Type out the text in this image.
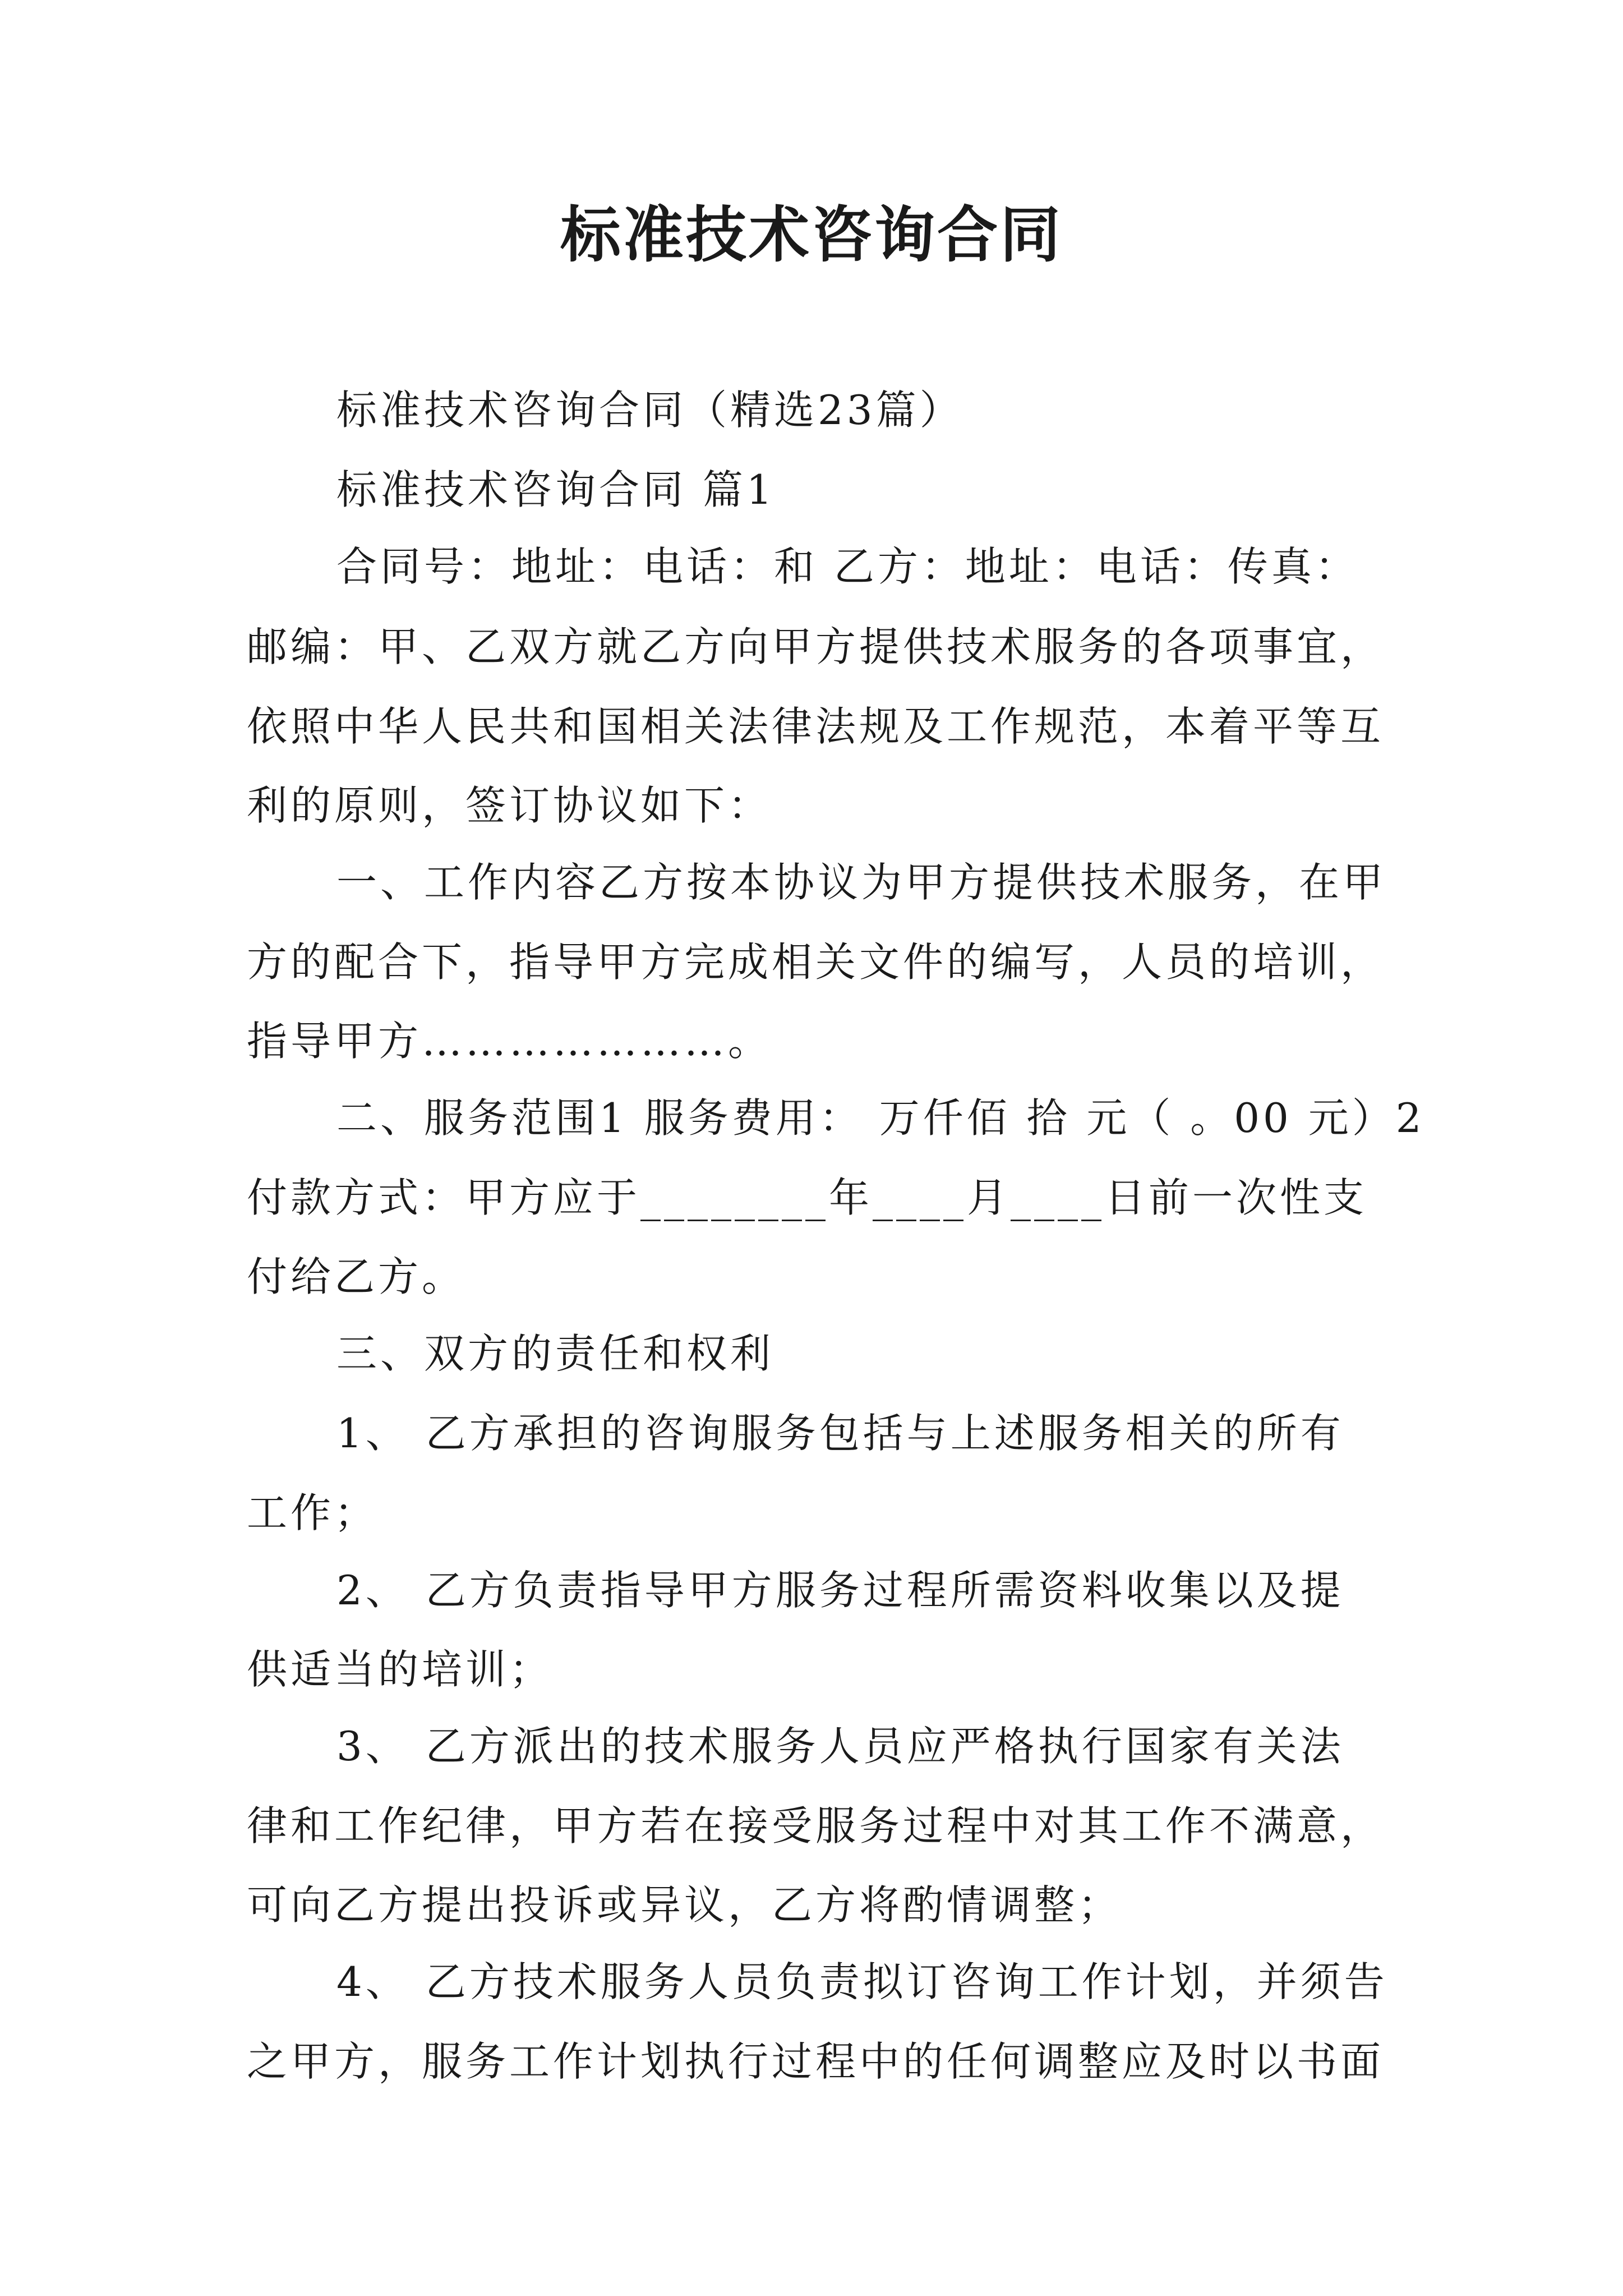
标准技术咨询合同
标准技术咨询合同（精选23篇）
标准技术咨询合同 篇1
合同号：地址：电话：和 乙方：地址：电话：传真：
邮编：甲、乙双方就乙方向甲方提供技术服务的各项事宜，
依照中华人民共和国相关法律法规及工作规范，本着平等互
利的原则，签订协议如下：
一、工作内容乙方按本协议为甲方提供技术服务，在甲
方的配合下，指导甲方完成相关文件的编写，人员的培训，
指导甲方…………………。
二、服务范围1 服务费用： 万仟佰 拾 元（ 。00 元）2
付款方式：甲方应于________年____月____日前一次性支
付给乙方。
三、双方的责任和权利
1、 乙方承担的咨询服务包括与上述服务相关的所有
工作；
2、 乙方负责指导甲方服务过程所需资料收集以及提
供适当的培训；
3、 乙方派出的技术服务人员应严格执行国家有关法
律和工作纪律，甲方若在接受服务过程中对其工作不满意，
可向乙方提出投诉或异议，乙方将酌情调整；
4、 乙方技术服务人员负责拟订咨询工作计划，并须告
之甲方，服务工作计划执行过程中的任何调整应及时以书面
